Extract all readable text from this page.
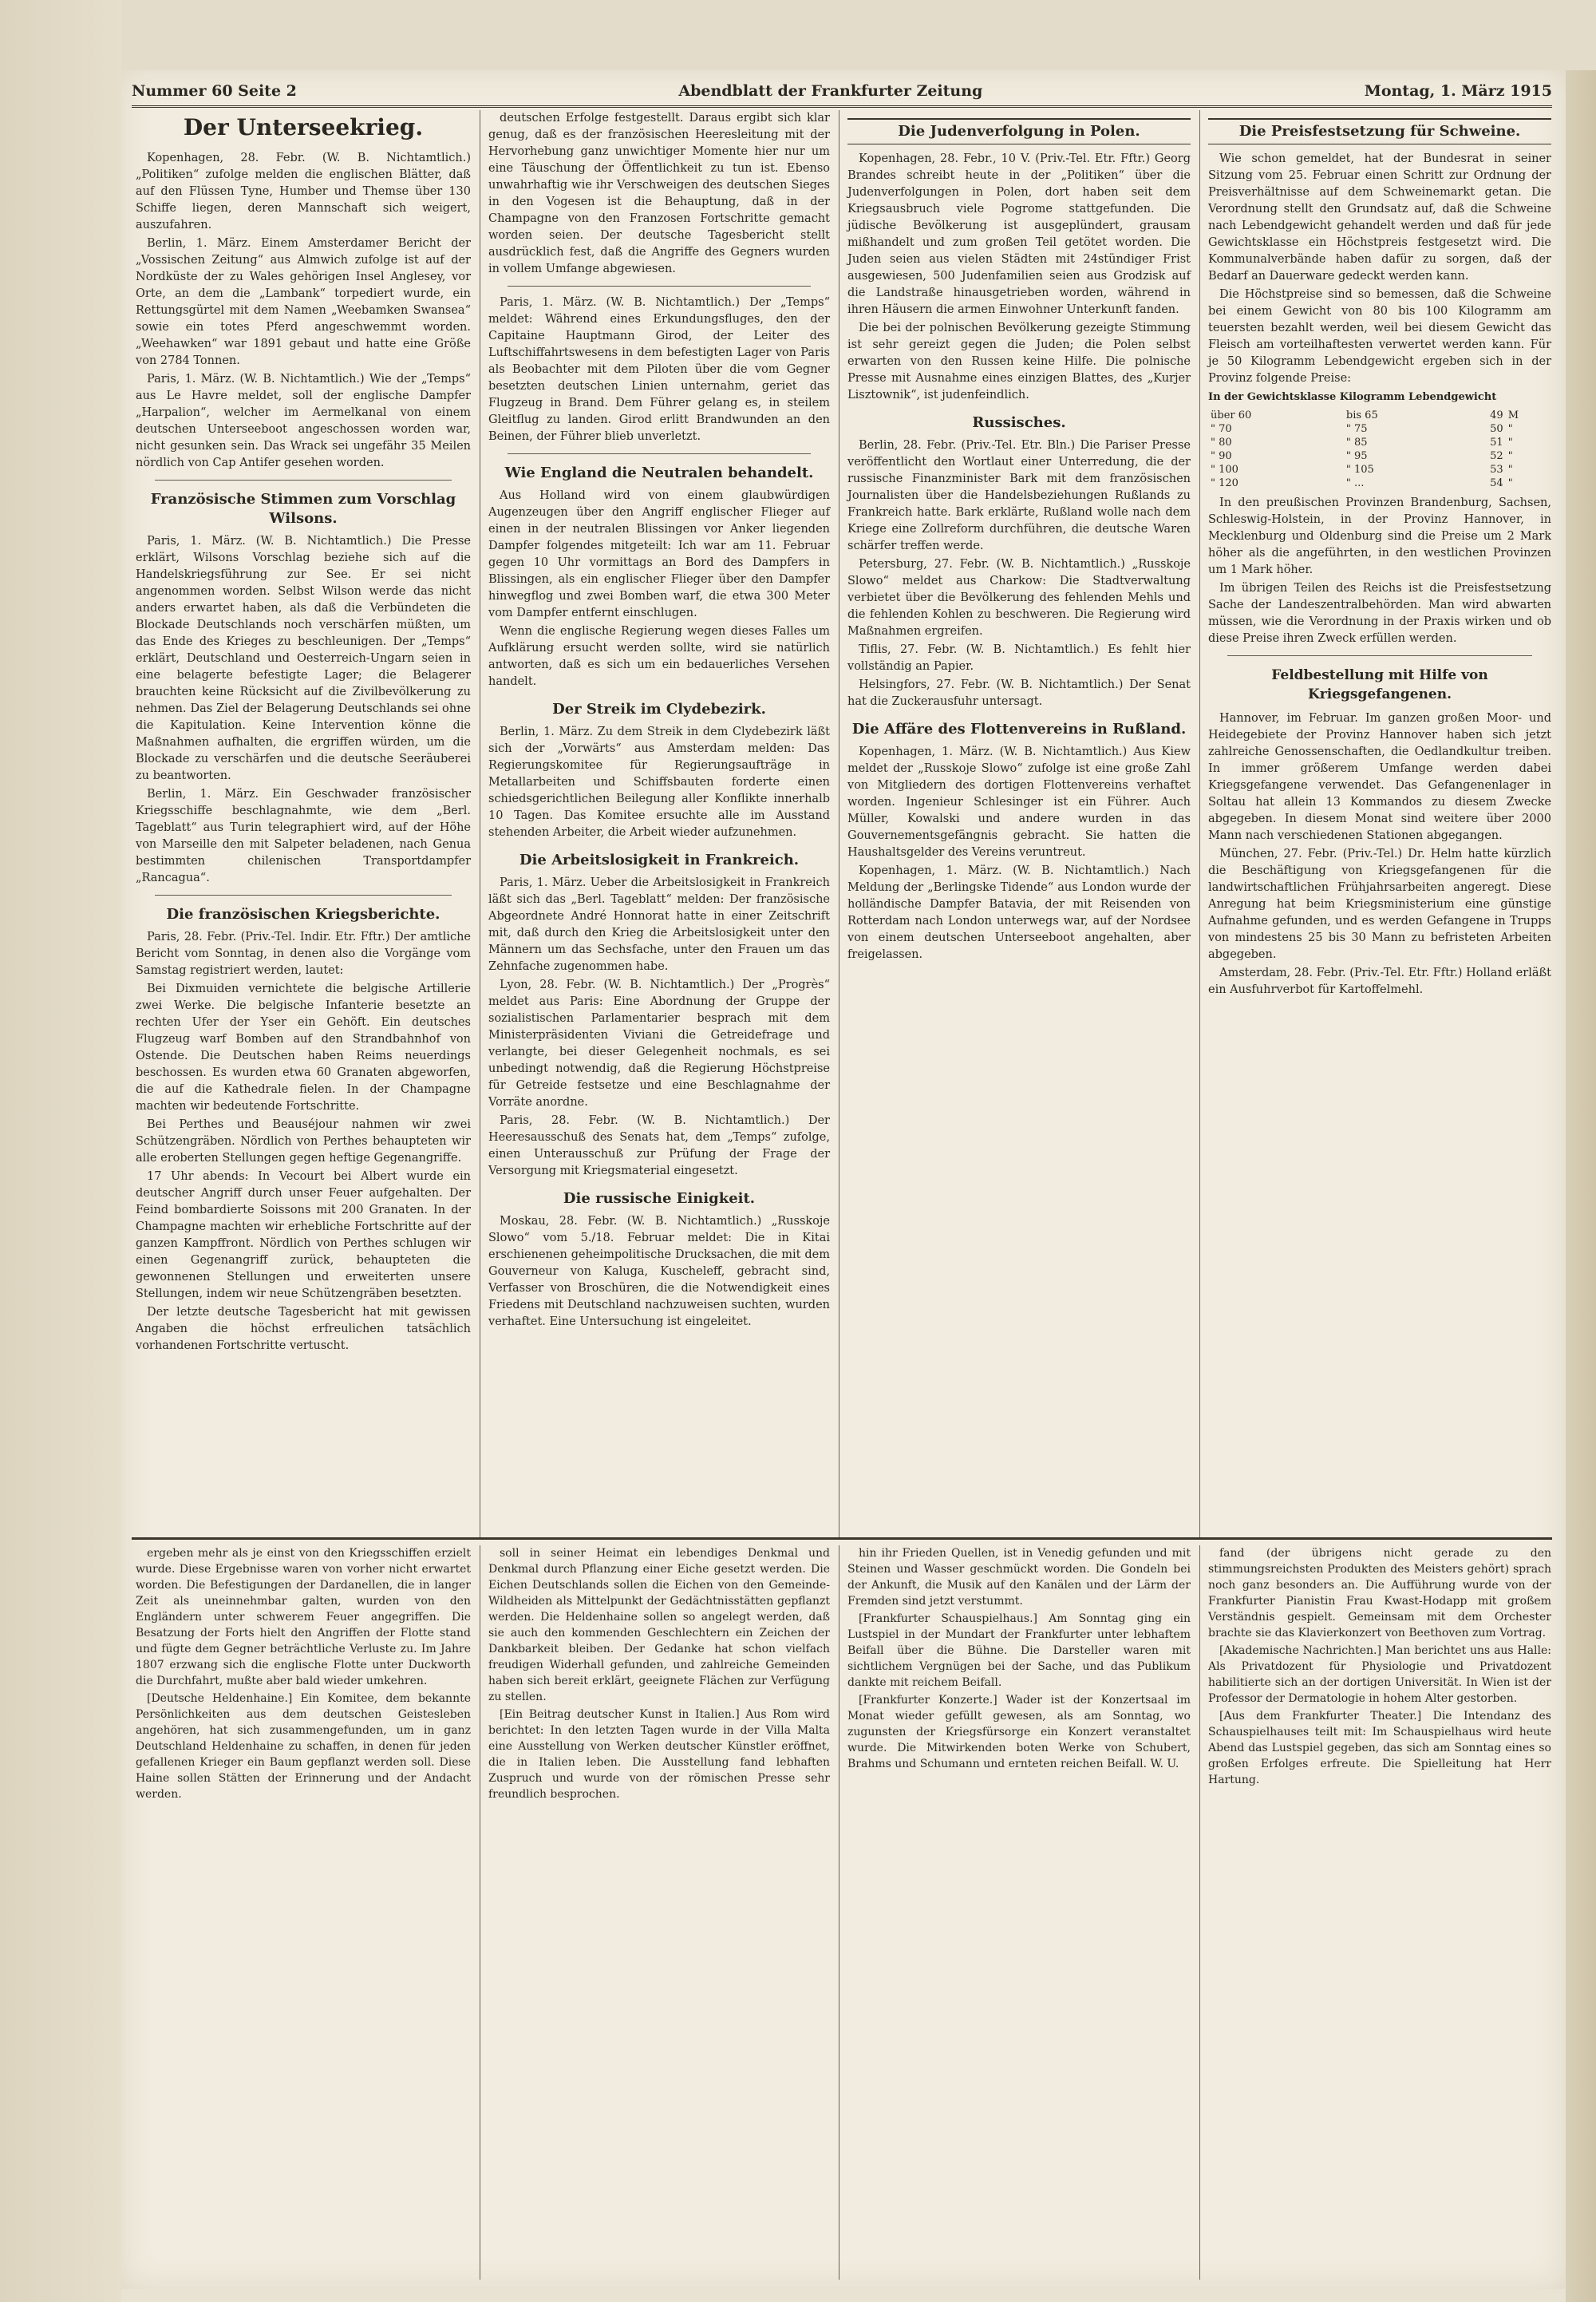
Nummer 60 Seite 2	Abendblatt der Frankfurter Zeitung	Montag, 1. März 1915
Der Unterseekrieg.

Kopenhagen, 28. Febr. (W. B. Nichtamtlich.) „Politiken“ zufolge melden die englischen Blätter, daß auf den Flüssen Tyne, Humber und Themse über 130 Schiffe liegen, deren Mannschaft sich weigert, auszufahren.

Berlin, 1. März. Einem Amsterdamer Bericht der „Vossischen Zeitung“ aus Almwich zufolge ist auf der Nordküste der zu Wales gehörigen Insel Anglesey, vor Orte, an dem die „Lambank“ torpediert wurde, ein Rettungsgürtel mit dem Namen „Weebamken Swansea“ sowie ein totes Pferd angeschwemmt worden. „Weehawken“ war 1891 gebaut und hatte eine Größe von 2784 Tonnen.

Paris, 1. März. (W. B. Nichtamtlich.) Wie der „Temps“ aus Le Havre meldet, soll der englische Dampfer „Harpalion“, welcher im Aermelkanal von einem deutschen Unterseeboot angeschossen worden war, nicht gesunken sein. Das Wrack sei ungefähr 35 Meilen nördlich von Cap Antifer gesehen worden.

Französische Stimmen zum Vorschlag Wilsons.

Paris, 1. März. (W. B. Nichtamtlich.) Die Presse erklärt, Wilsons Vorschlag beziehe sich auf die Handelskriegsführung zur See. Er sei nicht angenommen worden. Selbst Wilson werde das nicht anders erwartet haben, als daß die Verbündeten die Blockade Deutschlands noch verschärfen müßten, um das Ende des Krieges zu beschleunigen. Der „Temps“ erklärt, Deutschland und Oesterreich-Ungarn seien in eine belagerte befestigte Lager; die Belagerer brauchten keine Rücksicht auf die Zivilbevölkerung zu nehmen. Das Ziel der Belagerung Deutschlands sei ohne die Kapitulation. Keine Intervention könne die Maßnahmen aufhalten, die ergriffen würden, um die Blockade zu verschärfen und die deutsche Seeräuberei zu beantworten.

Berlin, 1. März. Ein Geschwader französischer Kriegsschiffe beschlagnahmte, wie dem „Berl. Tageblatt“ aus Turin telegraphiert wird, auf der Höhe von Marseille den mit Salpeter beladenen, nach Genua bestimmten chilenischen Transportdampfer „Rancagua“.

Die französischen Kriegsberichte.

Paris, 28. Febr. (Priv.-Tel. Indir. Etr. Fftr.) Der amtliche Bericht vom Sonntag, in denen also die Vorgänge vom Samstag registriert werden, lautet:

Bei Dixmuiden vernichtete die belgische Artillerie zwei Werke. Die belgische Infanterie besetzte an rechten Ufer der Yser ein Gehöft. Ein deutsches Flugzeug warf Bomben auf den Strandbahnhof von Ostende. Die Deutschen haben Reims neuerdings beschossen. Es wurden etwa 60 Granaten abgeworfen, die auf die Kathedrale fielen. In der Champagne machten wir bedeutende Fortschritte.

Bei Perthes und Beauséjour nahmen wir zwei Schützengräben. Nördlich von Perthes behaupteten wir alle eroberten Stellungen gegen heftige Gegenangriffe.

17 Uhr abends: In Vecourt bei Albert wurde ein deutscher Angriff durch unser Feuer aufgehalten. Der Feind bombardierte Soissons mit 200 Granaten. In der Champagne machten wir erhebliche Fortschritte auf der ganzen Kampffront. Nördlich von Perthes schlugen wir einen Gegenangriff zurück, behaupteten die gewonnenen Stellungen und erweiterten unsere Stellungen, indem wir neue Schützengräben besetzten.

Der letzte deutsche Tagesbericht hat mit gewissen Angaben die höchst erfreulichen tatsächlich vorhandenen Fortschritte vertuscht.

deutschen Erfolge festgestellt. Daraus ergibt sich klar genug, daß es der französischen Heeresleitung mit der Hervorhebung ganz unwichtiger Momente hier nur um eine Täuschung der Öffentlichkeit zu tun ist. Ebenso unwahrhaftig wie ihr Verschweigen des deutschen Sieges in den Vogesen ist die Behauptung, daß in der Champagne von den Franzosen Fortschritte gemacht worden seien. Der deutsche Tagesbericht stellt ausdrücklich fest, daß die Angriffe des Gegners wurden in vollem Umfange abgewiesen.

Paris, 1. März. (W. B. Nichtamtlich.) Der „Temps“ meldet: Während eines Erkundungsfluges, den der Capitaine Hauptmann Girod, der Leiter des Luftschiffahrtswesens in dem befestigten Lager von Paris als Beobachter mit dem Piloten über die vom Gegner besetzten deutschen Linien unternahm, geriet das Flugzeug in Brand. Dem Führer gelang es, in steilem Gleitflug zu landen. Girod erlitt Brandwunden an den Beinen, der Führer blieb unverletzt.

Wie England die Neutralen behandelt.

Aus Holland wird von einem glaubwürdigen Augenzeugen über den Angriff englischer Flieger auf einen in der neutralen Blissingen vor Anker liegenden Dampfer folgendes mitgeteilt: Ich war am 11. Februar gegen 10 Uhr vormittags an Bord des Dampfers in Blissingen, als ein englischer Flieger über den Dampfer hinwegflog und zwei Bomben warf, die etwa 300 Meter vom Dampfer entfernt einschlugen.

Wenn die englische Regierung wegen dieses Falles um Aufklärung ersucht werden sollte, wird sie natürlich antworten, daß es sich um ein bedauerliches Versehen handelt.

Der Streik im Clydebezirk.

Berlin, 1. März. Zu dem Streik in dem Clydebezirk läßt sich der „Vorwärts“ aus Amsterdam melden: Das Regierungskomitee für Regierungsaufträge in Metallarbeiten und Schiffsbauten forderte einen schiedsgerichtlichen Beilegung aller Konflikte innerhalb 10 Tagen. Das Komitee ersuchte alle im Ausstand stehenden Arbeiter, die Arbeit wieder aufzunehmen.

Die Arbeitslosigkeit in Frankreich.

Paris, 1. März. Ueber die Arbeitslosigkeit in Frankreich läßt sich das „Berl. Tageblatt“ melden: Der französische Abgeordnete André Honnorat hatte in einer Zeitschrift mit, daß durch den Krieg die Arbeitslosigkeit unter den Männern um das Sechsfache, unter den Frauen um das Zehnfache zugenommen habe.

Lyon, 28. Febr. (W. B. Nichtamtlich.) Der „Progrès“ meldet aus Paris: Eine Abordnung der Gruppe der sozialistischen Parlamentarier besprach mit dem Ministerpräsidenten Viviani die Getreidefrage und verlangte, bei dieser Gelegenheit nochmals, es sei unbedingt notwendig, daß die Regierung Höchstpreise für Getreide festsetze und eine Beschlagnahme der Vorräte anordne.

Paris, 28. Febr. (W. B. Nichtamtlich.) Der Heeresausschuß des Senats hat, dem „Temps“ zufolge, einen Unterausschuß zur Prüfung der Frage der Versorgung mit Kriegsmaterial eingesetzt.

Die russische Einigkeit.

Moskau, 28. Febr. (W. B. Nichtamtlich.) „Russkoje Slowo“ vom 5./18. Februar meldet: Die in Kitai erschienenen geheimpolitische Drucksachen, die mit dem Gouverneur von Kaluga, Kuscheleff, gebracht sind, Verfasser von Broschüren, die die Notwendigkeit eines Friedens mit Deutschland nachzuweisen suchten, wurden verhaftet. Eine Untersuchung ist eingeleitet.

Die Judenverfolgung in Polen.

Kopenhagen, 28. Febr., 10 V. (Priv.-Tel. Etr. Fftr.) Georg Brandes schreibt heute in der „Politiken“ über die Judenverfolgungen in Polen, dort haben seit dem Kriegsausbruch viele Pogrome stattgefunden. Die jüdische Bevölkerung ist ausgeplündert, grausam mißhandelt und zum großen Teil getötet worden. Die Juden seien aus vielen Städten mit 24stündiger Frist ausgewiesen, 500 Judenfamilien seien aus Grodzisk auf die Landstraße hinausgetrieben worden, während in ihren Häusern die armen Einwohner Unterkunft fanden.

Die bei der polnischen Bevölkerung gezeigte Stimmung ist sehr gereizt gegen die Juden; die Polen selbst erwarten von den Russen keine Hilfe. Die polnische Presse mit Ausnahme eines einzigen Blattes, des „Kurjer Lisztownik“, ist judenfeindlich.

Russisches.

Berlin, 28. Febr. (Priv.-Tel. Etr. Bln.) Die Pariser Presse veröffentlicht den Wortlaut einer Unterredung, die der russische Finanzminister Bark mit dem französischen Journalisten über die Handelsbeziehungen Rußlands zu Frankreich hatte. Bark erklärte, Rußland wolle nach dem Kriege eine Zollreform durchführen, die deutsche Waren schärfer treffen werde.

Petersburg, 27. Febr. (W. B. Nichtamtlich.) „Russkoje Slowo“ meldet aus Charkow: Die Stadtverwaltung verbietet über die Bevölkerung des fehlenden Mehls und die fehlenden Kohlen zu beschweren. Die Regierung wird Maßnahmen ergreifen.

Tiflis, 27. Febr. (W. B. Nichtamtlich.) Es fehlt hier vollständig an Papier.

Helsingfors, 27. Febr. (W. B. Nichtamtlich.) Der Senat hat die Zuckerausfuhr untersagt.

Die Affäre des Flottenvereins in Rußland.

Kopenhagen, 1. März. (W. B. Nichtamtlich.) Aus Kiew meldet der „Russkoje Slowo“ zufolge ist eine große Zahl von Mitgliedern des dortigen Flottenvereins verhaftet worden. Ingenieur Schlesinger ist ein Führer. Auch Müller, Kowalski und andere wurden in das Gouvernementsgefängnis gebracht. Sie hatten die Haushaltsgelder des Vereins veruntreut.

Kopenhagen, 1. März. (W. B. Nichtamtlich.) Nach Meldung der „Berlingske Tidende“ aus London wurde der holländische Dampfer Batavia, der mit Reisenden von Rotterdam nach London unterwegs war, auf der Nordsee von einem deutschen Unterseeboot angehalten, aber freigelassen.

Die Preisfestsetzung für Schweine.

Wie schon gemeldet, hat der Bundesrat in seiner Sitzung vom 25. Februar einen Schritt zur Ordnung der Preisverhältnisse auf dem Schweinemarkt getan. Die Verordnung stellt den Grundsatz auf, daß die Schweine nach Lebendgewicht gehandelt werden und daß für jede Gewichtsklasse ein Höchstpreis festgesetzt wird. Die Kommunalverbände haben dafür zu sorgen, daß der Bedarf an Dauerware gedeckt werden kann.

Die Höchstpreise sind so bemessen, daß die Schweine bei einem Gewicht von 80 bis 100 Kilogramm am teuersten bezahlt werden, weil bei diesem Gewicht das Fleisch am vorteilhaftesten verwertet werden kann. Für je 50 Kilogramm Lebendgewicht ergeben sich in der Provinz folgende Preise:

In der Gewichtsklasse Kilogramm Lebendgewicht
über 60	bis 65	49	M
" 70	" 75	50	"
" 80	" 85	51	"
" 90	" 95	52	"
" 100	" 105	53	"
" 120	" ...	54	"

In den preußischen Provinzen Brandenburg, Sachsen, Schleswig-Holstein, in der Provinz Hannover, in Mecklenburg und Oldenburg sind die Preise um 2 Mark höher als die angeführten, in den westlichen Provinzen um 1 Mark höher.

Im übrigen Teilen des Reichs ist die Preisfestsetzung Sache der Landeszentralbehörden. Man wird abwarten müssen, wie die Verordnung in der Praxis wirken und ob diese Preise ihren Zweck erfüllen werden.

Feldbestellung mit Hilfe von Kriegsgefangenen.

Hannover, im Februar. Im ganzen großen Moor- und Heidegebiete der Provinz Hannover haben sich jetzt zahlreiche Genossenschaften, die Oedlandkultur treiben. In immer größerem Umfange werden dabei Kriegsgefangene verwendet. Das Gefangenenlager in Soltau hat allein 13 Kommandos zu diesem Zwecke abgegeben. In diesem Monat sind weitere über 2000 Mann nach verschiedenen Stationen abgegangen.

München, 27. Febr. (Priv.-Tel.) Dr. Helm hatte kürzlich die Beschäftigung von Kriegsgefangenen für die landwirtschaftlichen Frühjahrsarbeiten angeregt. Diese Anregung hat beim Kriegsministerium eine günstige Aufnahme gefunden, und es werden Gefangene in Trupps von mindestens 25 bis 30 Mann zu befristeten Arbeiten abgegeben.

Amsterdam, 28. Febr. (Priv.-Tel. Etr. Fftr.) Holland erläßt ein Ausfuhrverbot für Kartoffelmehl.

ergeben mehr als je einst von den Kriegsschiffen erzielt wurde. Diese Ergebnisse waren von vorher nicht erwartet worden. Die Befestigungen der Dardanellen, die in langer Zeit als uneinnehmbar galten, wurden von den Engländern unter schwerem Feuer angegriffen. Die Besatzung der Forts hielt den Angriffen der Flotte stand und fügte dem Gegner beträchtliche Verluste zu. Im Jahre 1807 erzwang sich die englische Flotte unter Duckworth die Durchfahrt, mußte aber bald wieder umkehren.

[Deutsche Heldenhaine.] Ein Komitee, dem bekannte Persönlichkeiten aus dem deutschen Geistesleben angehören, hat sich zusammengefunden, um in ganz Deutschland Heldenhaine zu schaffen, in denen für jeden gefallenen Krieger ein Baum gepflanzt werden soll. Diese Haine sollen Stätten der Erinnerung und der Andacht werden.

soll in seiner Heimat ein lebendiges Denkmal und Denkmal durch Pflanzung einer Eiche gesetzt werden. Die Eichen Deutschlands sollen die Eichen von den Gemeinde-Wildheiden als Mittelpunkt der Gedächtnisstätten gepflanzt werden. Die Heldenhaine sollen so angelegt werden, daß sie auch den kommenden Geschlechtern ein Zeichen der Dankbarkeit bleiben. Der Gedanke hat schon vielfach freudigen Widerhall gefunden, und zahlreiche Gemeinden haben sich bereit erklärt, geeignete Flächen zur Verfügung zu stellen.

[Ein Beitrag deutscher Kunst in Italien.] Aus Rom wird berichtet: In den letzten Tagen wurde in der Villa Malta eine Ausstellung von Werken deutscher Künstler eröffnet, die in Italien leben. Die Ausstellung fand lebhaften Zuspruch und wurde von der römischen Presse sehr freundlich besprochen.

hin ihr Frieden Quellen, ist in Venedig gefunden und mit Steinen und Wasser geschmückt worden. Die Gondeln bei der Ankunft, die Musik auf den Kanälen und der Lärm der Fremden sind jetzt verstummt.

[Frankfurter Schauspielhaus.] Am Sonntag ging ein Lustspiel in der Mundart der Frankfurter unter lebhaftem Beifall über die Bühne. Die Darsteller waren mit sichtlichem Vergnügen bei der Sache, und das Publikum dankte mit reichem Beifall.

[Frankfurter Konzerte.] Wader ist der Konzertsaal im Monat wieder gefüllt gewesen, als am Sonntag, wo zugunsten der Kriegsfürsorge ein Konzert veranstaltet wurde. Die Mitwirkenden boten Werke von Schubert, Brahms und Schumann und ernteten reichen Beifall. W. U.

fand (der übrigens nicht gerade zu den stimmungsreichsten Produkten des Meisters gehört) sprach noch ganz besonders an. Die Aufführung wurde von der Frankfurter Pianistin Frau Kwast-Hodapp mit großem Verständnis gespielt. Gemeinsam mit dem Orchester brachte sie das Klavierkonzert von Beethoven zum Vortrag.

[Akademische Nachrichten.] Man berichtet uns aus Halle: Als Privatdozent für Physiologie und Privatdozent habilitierte sich an der dortigen Universität. In Wien ist der Professor der Dermatologie in hohem Alter gestorben.

[Aus dem Frankfurter Theater.] Die Intendanz des Schauspielhauses teilt mit: Im Schauspielhaus wird heute Abend das Lustspiel gegeben, das sich am Sonntag eines so großen Erfolges erfreute. Die Spielleitung hat Herr Hartung.
